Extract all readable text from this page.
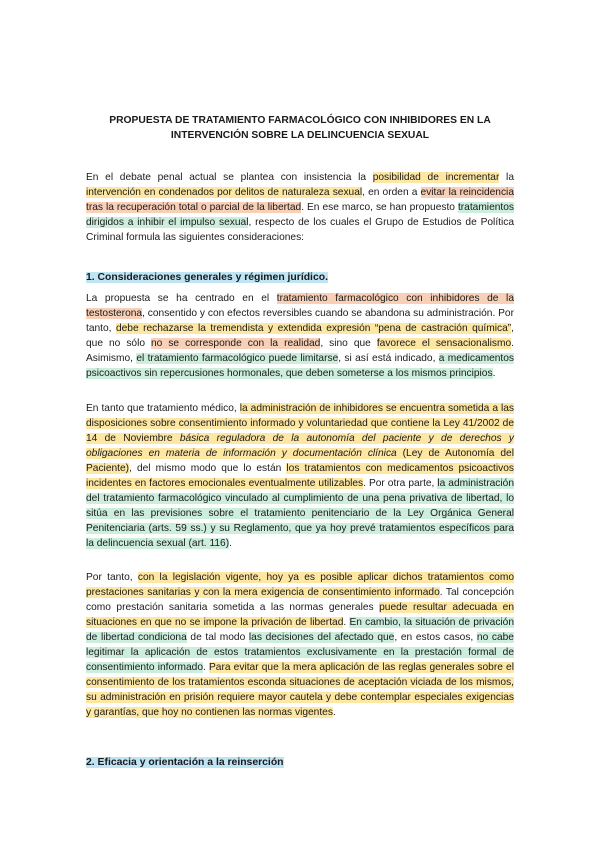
PROPUESTA DE TRATAMIENTO FARMACOLÓGICO CON INHIBIDORES EN LA INTERVENCIÓN SOBRE LA DELINCUENCIA SEXUAL

En el debate penal actual se plantea con insistencia la posibilidad de incrementar la intervención en condenados por delitos de naturaleza sexual, en orden a evitar la reincidencia tras la recuperación total o parcial de la libertad. En ese marco, se han propuesto tratamientos dirigidos a inhibir el impulso sexual, respecto de los cuales el Grupo de Estudios de Política Criminal formula las siguientes consideraciones:

1. Consideraciones generales y régimen jurídico.

La propuesta se ha centrado en el tratamiento farmacológico con inhibidores de la testosterona, consentido y con efectos reversibles cuando se abandona su administración. Por tanto, debe rechazarse la tremendista y extendida expresión “pena de castración química”, que no sólo no se corresponde con la realidad, sino que favorece el sensacionalismo. Asimismo, el tratamiento farmacológico puede limitarse, si así está indicado, a medicamentos psicoactivos sin repercusiones hormonales, que deben someterse a los mismos principios.

En tanto que tratamiento médico, la administración de inhibidores se encuentra sometida a las disposiciones sobre consentimiento informado y voluntariedad que contiene la Ley 41/2002 de 14 de Noviembre básica reguladora de la autonomía del paciente y de derechos y obligaciones en materia de información y documentación clínica (Ley de Autonomía del Paciente), del mismo modo que lo están los tratamientos con medicamentos psicoactivos incidentes en factores emocionales eventualmente utilizables. Por otra parte, la administración del tratamiento farmacológico vinculado al cumplimiento de una pena privativa de libertad, lo sitúa en las previsiones sobre el tratamiento penitenciario de la Ley Orgánica General Penitenciaria (arts. 59 ss.) y su Reglamento, que ya hoy prevé tratamientos específicos para la delincuencia sexual (art. 116).

Por tanto, con la legislación vigente, hoy ya es posible aplicar dichos tratamientos como prestaciones sanitarias y con la mera exigencia de consentimiento informado. Tal concepción como prestación sanitaria sometida a las normas generales puede resultar adecuada en situaciones en que no se impone la privación de libertad. En cambio, la situación de privación de libertad condiciona de tal modo las decisiones del afectado que, en estos casos, no cabe legitimar la aplicación de estos tratamientos exclusivamente en la prestación formal de consentimiento informado. Para evitar que la mera aplicación de las reglas generales sobre el consentimiento de los tratamientos esconda situaciones de aceptación viciada de los mismos, su administración en prisión requiere mayor cautela y debe contemplar especiales exigencias y garantías, que hoy no contienen las normas vigentes.

2. Eficacia y orientación a la reinserción
